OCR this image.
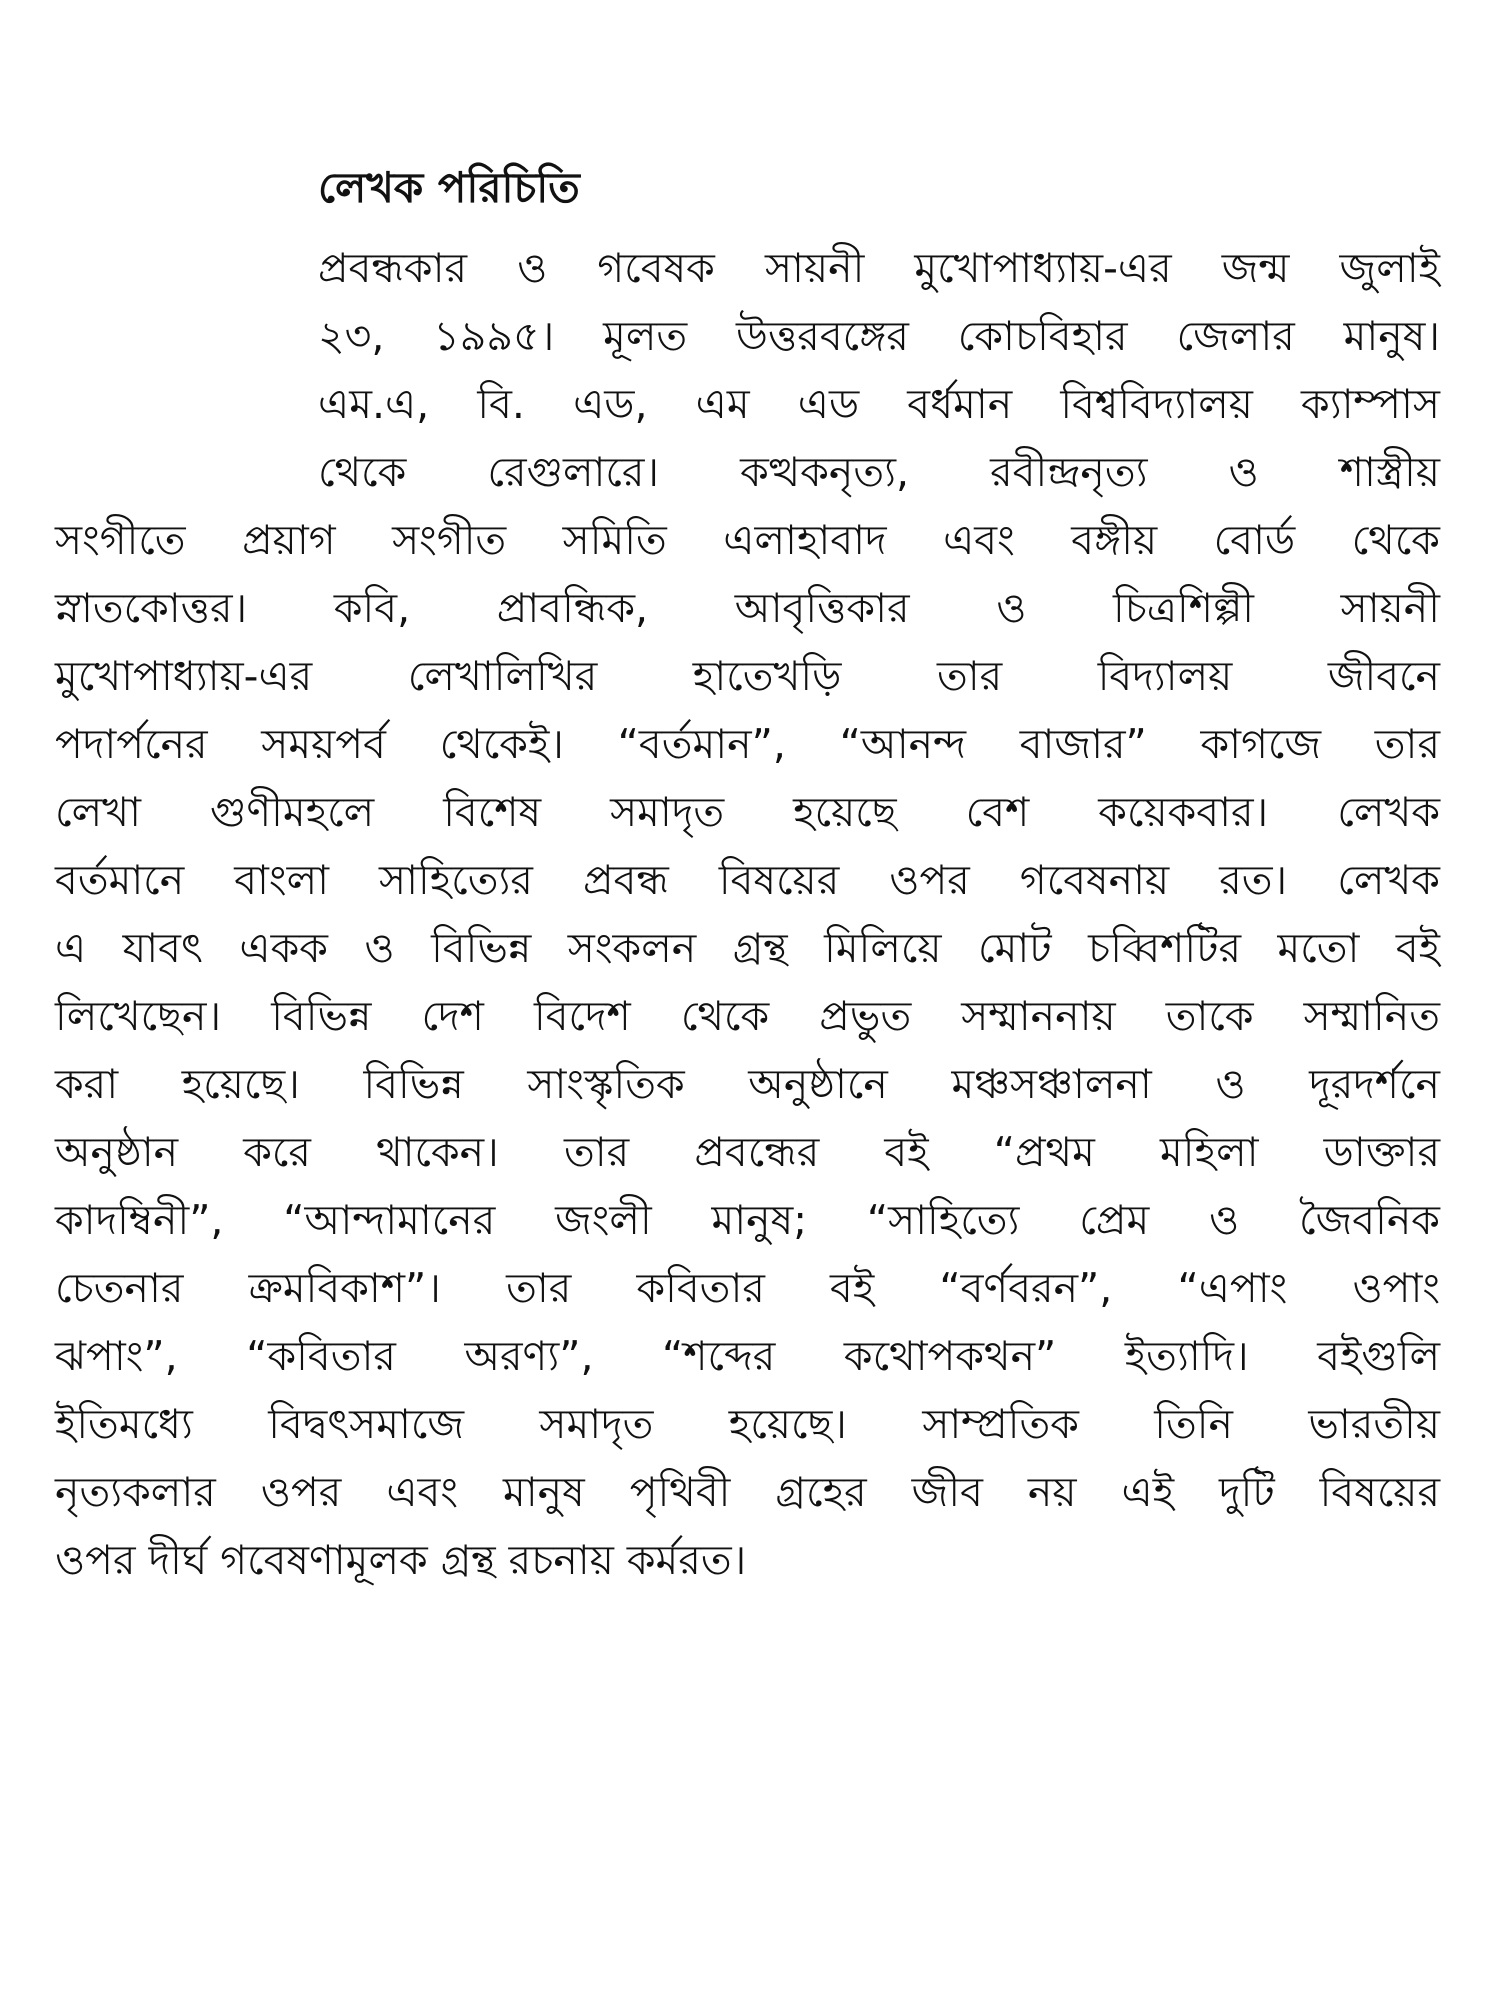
লেখক পরিচিতি
প্রবন্ধকার ও গবেষক সায়নী মুখোপাধ্যায়-এর জন্ম জুলাই
২৩, ১৯৯৫। মূলত উত্তরবঙ্গের কোচবিহার জেলার মানুষ।
এম.এ, বি. এড, এম এড বর্ধমান বিশ্ববিদ্যালয় ক্যাম্পাস
থেকে রেগুলারে। কত্থকনৃত্য, রবীন্দ্রনৃত্য ও শাস্ত্রীয়
সংগীতে প্রয়াগ সংগীত সমিতি এলাহাবাদ এবং বঙ্গীয় বোর্ড থেকে
স্নাতকোত্তর। কবি, প্রাবন্ধিক, আবৃত্তিকার ও চিত্রশিল্পী সায়নী
মুখোপাধ্যায়-এর লেখালিখির হাতেখড়ি তার বিদ্যালয় জীবনে
পদার্পনের সময়পর্ব থেকেই। “বর্তমান”, “আনন্দ বাজার” কাগজে তার
লেখা গুণীমহলে বিশেষ সমাদৃত হয়েছে বেশ কয়েকবার। লেখক
বর্তমানে বাংলা সাহিত্যের প্রবন্ধ বিষয়ের ওপর গবেষনায় রত। লেখক
এ যাবৎ একক ও বিভিন্ন সংকলন গ্রন্থ মিলিয়ে মোট চব্বিশটির মতো বই
লিখেছেন। বিভিন্ন দেশ বিদেশ থেকে প্রভুত সম্মাননায় তাকে সম্মানিত
করা হয়েছে। বিভিন্ন সাংস্কৃতিক অনুষ্ঠানে মঞ্চসঞ্চালনা ও দূরদর্শনে
অনুষ্ঠান করে থাকেন। তার প্রবন্ধের বই “প্রথম মহিলা ডাক্তার
কাদম্বিনী”, “আন্দামানের জংলী মানুষ; “সাহিত্যে প্রেম ও জৈবনিক
চেতনার ক্রমবিকাশ”। তার কবিতার বই “বর্ণবরন”, “এপাং ওপাং
ঝপাং”, “কবিতার অরণ্য”, “শব্দের কথোপকথন” ইত্যাদি। বইগুলি
ইতিমধ্যে বিদ্বৎসমাজে সমাদৃত হয়েছে। সাম্প্রতিক তিনি ভারতীয়
নৃত্যকলার ওপর এবং মানুষ পৃথিবী গ্রহের জীব নয় এই দুটি বিষয়ের
ওপর দীর্ঘ গবেষণামূলক গ্রন্থ রচনায় কর্মরত।
